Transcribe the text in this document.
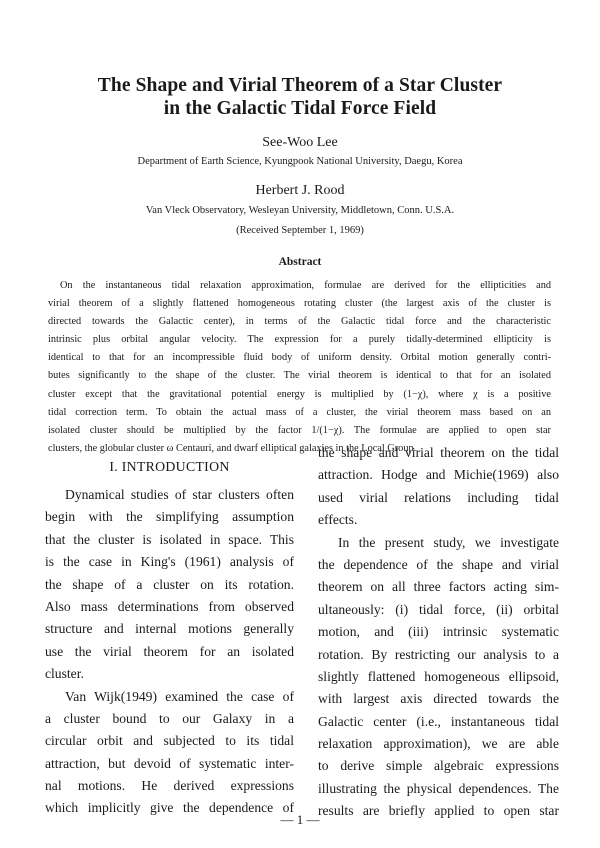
The Shape and Virial Theorem of a Star Cluster
in the Galactic Tidal Force Field
See-Woo Lee
Department of Earth Science, Kyungpook National University, Daegu, Korea
Herbert J. Rood
Van Vleck Observatory, Wesleyan University, Middletown, Conn. U.S.A.
(Received September 1, 1969)
Abstract
On the instantaneous tidal relaxation approximation, formulae are derived for the ellipticities and
virial theorem of a slightly flattened homogeneous rotating cluster (the largest axis of the cluster is
directed towards the Galactic center), in terms of the Galactic tidal force and the characteristic
intrinsic plus orbital angular velocity. The expression for a purely tidally-determined ellipticity is
identical to that for an incompressible fluid body of uniform density. Orbital motion generally contri-
butes significantly to the shape of the cluster. The virial theorem is identical to that for an isolated
cluster except that the gravitational potential energy is multiplied by (1−χ), where χ is a positive
tidal correction term. To obtain the actual mass of a cluster, the virial theorem mass based on an
isolated cluster should be multiplied by the factor 1/(1−χ). The formulae are applied to open star
clusters, the globular cluster ω Centauri, and dwarf elliptical galaxies in the Local Group.
I. INTRODUCTION
Dynamical studies of star clusters often
begin with the simplifying assumption
that the cluster is isolated in space. This
is the case in King's (1961) analysis of
the shape of a cluster on its rotation.
Also mass determinations from observed
structure and internal motions generally
use the virial theorem for an isolated
cluster.
Van Wijk(1949) examined the case of
a cluster bound to our Galaxy in a
circular orbit and subjected to its tidal
attraction, but devoid of systematic inter-
nal motions. He derived expressions
which implicitly give the dependence of
the shape and virial theorem on the tidal
attraction. Hodge and Michie(1969) also
used virial relations including tidal
effects.
In the present study, we investigate
the dependence of the shape and virial
theorem on all three factors acting sim-
ultaneously: (i) tidal force, (ii) orbital
motion, and (iii) intrinsic systematic
rotation. By restricting our analysis to a
slightly flattened homogeneous ellipsoid,
with largest axis directed towards the
Galactic center (i.e., instantaneous tidal
relaxation approximation), we are able
to derive simple algebraic expressions
illustrating the physical dependences. The
results are briefly applied to open star
— 1 —
